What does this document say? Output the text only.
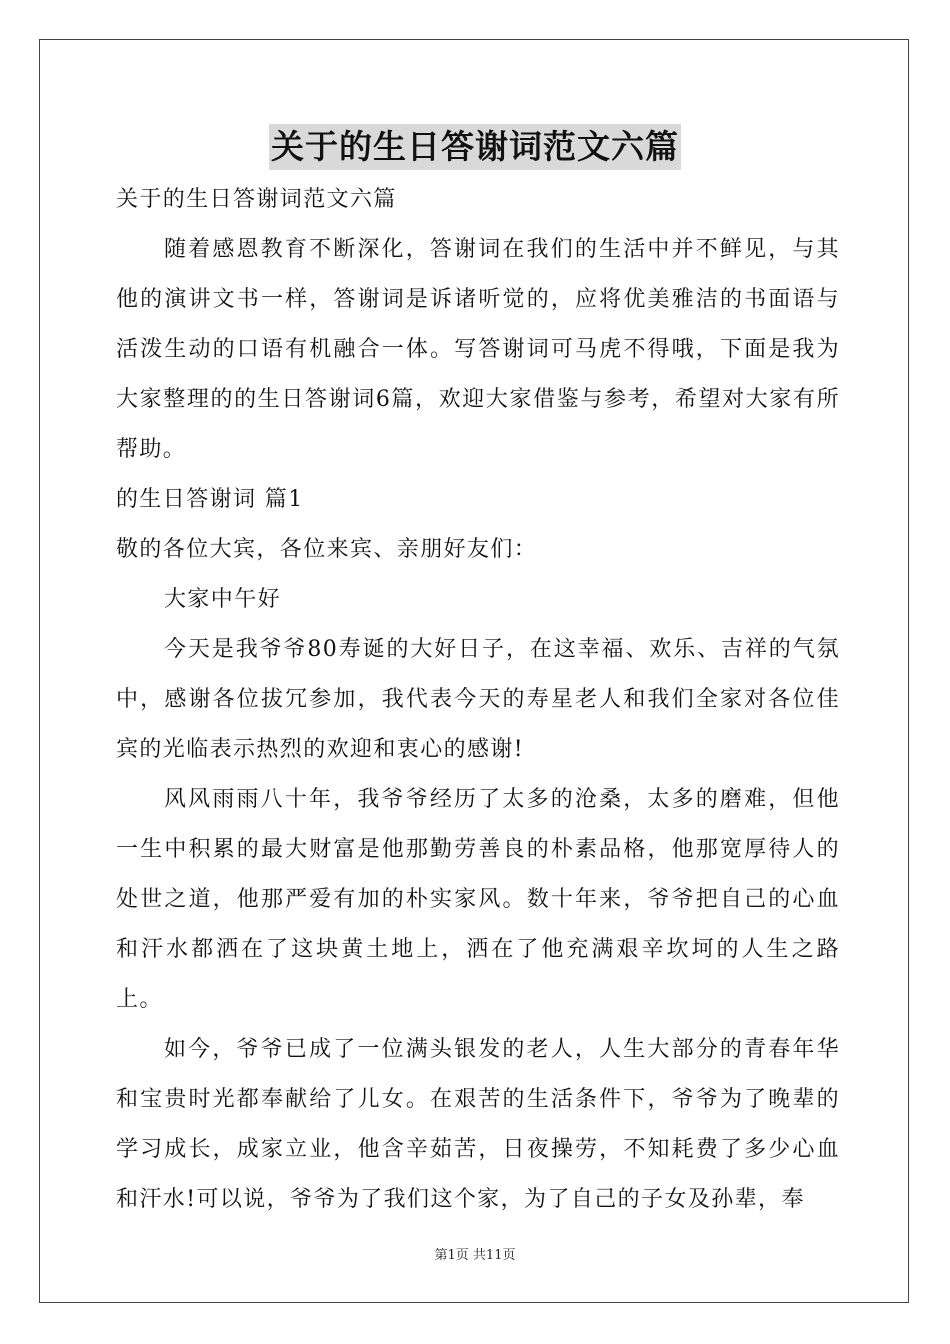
关于的生日答谢词范文六篇

关于的生日答谢词范文六篇

随着感恩教育不断深化，答谢词在我们的生活中并不鲜见，与其他的演讲文书一样，答谢词是诉诸听觉的，应将优美雅洁的书面语与活泼生动的口语有机融合一体。写答谢词可马虎不得哦，下面是我为大家整理的的生日答谢词6篇，欢迎大家借鉴与参考，希望对大家有所帮助。

的生日答谢词 篇1

敬的各位大宾，各位来宾、亲朋好友们：

大家中午好

今天是我爷爷80寿诞的大好日子，在这幸福、欢乐、吉祥的气氛中，感谢各位拔冗参加，我代表今天的寿星老人和我们全家对各位佳宾的光临表示热烈的欢迎和衷心的感谢!

风风雨雨八十年，我爷爷经历了太多的沧桑，太多的磨难，但他一生中积累的最大财富是他那勤劳善良的朴素品格，他那宽厚待人的处世之道，他那严爱有加的朴实家风。数十年来，爷爷把自己的心血和汗水都洒在了这块黄土地上，洒在了他充满艰辛坎坷的人生之路上。

如今，爷爷已成了一位满头银发的老人，人生大部分的青春年华和宝贵时光都奉献给了儿女。在艰苦的生活条件下，爷爷为了晚辈的学习成长，成家立业，他含辛茹苦，日夜操劳，不知耗费了多少心血和汗水!可以说，爷爷为了我们这个家，为了自己的子女及孙辈，奉

第1页 共11页
